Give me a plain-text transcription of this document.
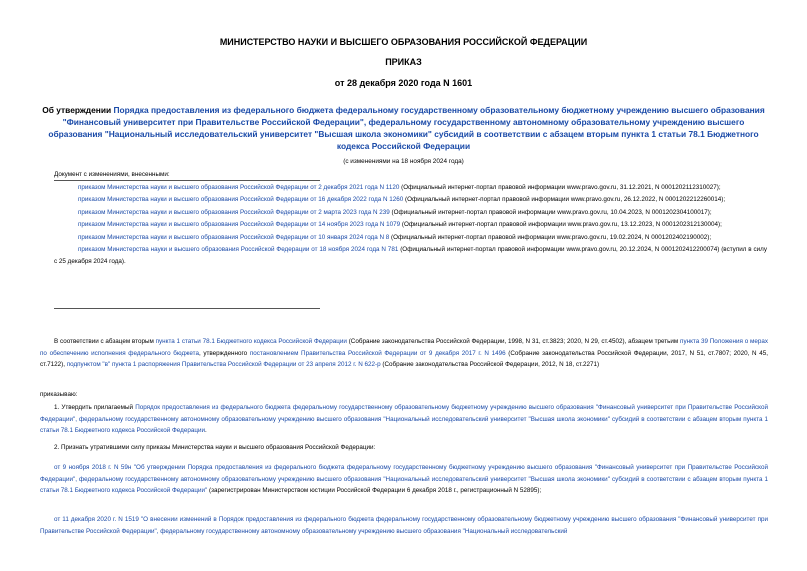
МИНИСТЕРСТВО НАУКИ И ВЫСШЕГО ОБРАЗОВАНИЯ РОССИЙСКОЙ ФЕДЕРАЦИИ
ПРИКАЗ
от 28 декабря 2020 года N 1601
Об утверждении Порядка предоставления из федерального бюджета федеральному государственному образовательному бюджетному учреждению высшего образования "Финансовый университет при Правительстве Российской Федерации", федеральному государственному автономному образовательному учреждению высшего образования "Национальный исследовательский университет "Высшая школа экономики" субсидий в соответствии с абзацем вторым пункта 1 статьи 78.1 Бюджетного кодекса Российской Федерации
(с изменениями на 18 ноября 2024 года)
Документ с изменениями, внесенными:

приказом Министерства науки и высшего образования Российской Федерации от 2 декабря 2021 года N 1120 (Официальный интернет-портал правовой информации www.pravo.gov.ru, 31.12.2021, N 0001202112310027);

приказом Министерства науки и высшего образования Российской Федерации от 16 декабря 2022 года N 1260 (Официальный интернет-портал правовой информации www.pravo.gov.ru, 26.12.2022, N 0001202212260014);

приказом Министерства науки и высшего образования Российской Федерации от 2 марта 2023 года N 239 (Официальный интернет-портал правовой информации www.pravo.gov.ru, 10.04.2023, N 0001202304100017);

приказом Министерства науки и высшего образования Российской Федерации от 14 ноября 2023 года N 1079 (Официальный интернет-портал правовой информации www.pravo.gov.ru, 13.12.2023, N 0001202312130004);

приказом Министерства науки и высшего образования Российской Федерации от 10 января 2024 года N 8 (Официальный интернет-портал правовой информации www.pravo.gov.ru, 19.02.2024, N 0001202402190002);

приказом Министерства науки и высшего образования Российской Федерации от 18 ноября 2024 года N 781 (Официальный интернет-портал правовой информации www.pravo.gov.ru, 20.12.2024, N 0001202412200074) (вступил в силу с 25 декабря 2024 года).

В соответствии с абзацем вторым пункта 1 статьи 78.1 Бюджетного кодекса Российской Федерации (Собрание законодательства Российской Федерации, 1998, N 31, ст.3823; 2020, N 29, ст.4502), абзацем третьим пункта 39 Положения о мерах по обеспечению исполнения федерального бюджета, утвержденного постановлением Правительства Российской Федерации от 9 декабря 2017 г. N 1496 (Собрание законодательства Российской Федерации, 2017, N 51, ст.7807; 2020, N 45, ст.7122), подпунктом "в" пункта 1 распоряжения Правительства Российской Федерации от 23 апреля 2012 г. N 622-р (Собрание законодательства Российской Федерации, 2012, N 18, ст.2271)

приказываю:

1. Утвердить прилагаемый Порядок предоставления из федерального бюджета федеральному государственному образовательному бюджетному учреждению высшего образования "Финансовый университет при Правительстве Российской Федерации", федеральному государственному автономному образовательному учреждению высшего образования "Национальный исследовательский университет "Высшая школа экономики" субсидий в соответствии с абзацем вторым пункта 1 статьи 78.1 Бюджетного кодекса Российской Федерации.

2. Признать утратившими силу приказы Министерства науки и высшего образования Российской Федерации:

от 9 ноября 2018 г. N 59н "Об утверждении Порядка предоставления из федерального бюджета федеральному государственному бюджетному учреждению высшего образования "Финансовый университет при Правительстве Российской Федерации", федеральному государственному автономному образовательному учреждению высшего образования "Национальный исследовательский университет "Высшая школа экономики" субсидий в соответствии с абзацем вторым пункта 1 статьи 78.1 Бюджетного кодекса Российской Федерации" (зарегистрирован Министерством юстиции Российской Федерации 6 декабря 2018 г., регистрационный N 52895);

от 11 декабря 2020 г. N 1519 "О внесении изменений в Порядок предоставления из федерального бюджета федеральному государственному образовательному бюджетному учреждению высшего образования "Финансовый университет при Правительстве Российской Федерации", федеральному государственному автономному образовательному учреждению высшего образования "Национальный исследовательский
